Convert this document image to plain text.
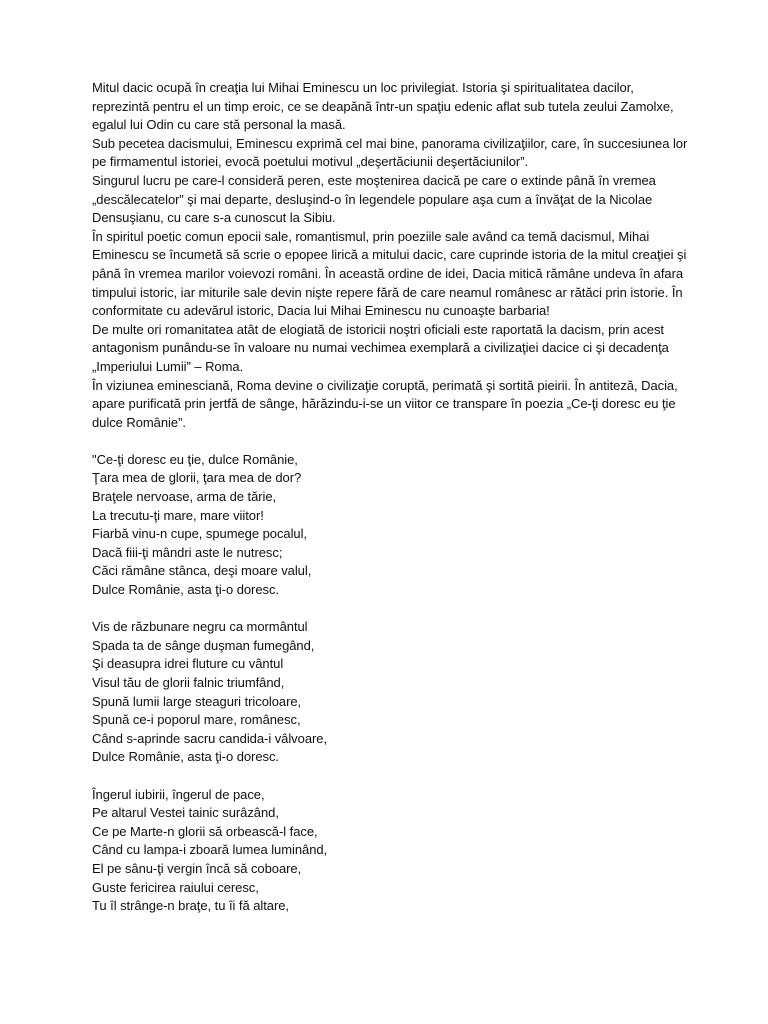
Mitul dacic ocupă în creaţia lui Mihai Eminescu un loc privilegiat. Istoria şi spiritualitatea dacilor, reprezintă pentru el un timp eroic, ce se deapănă într-un spaţiu edenic aflat sub tutela zeului Zamolxe, egalul lui Odin cu care stă personal la masă.

Sub pecetea dacismului, Eminescu exprimă cel mai bine, panorama civilizaţiilor, care, în succesiunea lor pe firmamentul istoriei, evocă poetului motivul „deşertăciunii deşertăciunilor”.

Singurul lucru pe care-l consideră peren, este moştenirea dacică pe care o extinde până în vremea „descălecatelor” şi mai departe, desluşind-o în legendele populare aşa cum a învăţat de la Nicolae Densuşianu, cu care s-a cunoscut la Sibiu.

În spiritul poetic comun epocii sale, romantismul, prin poeziile sale având ca temă dacismul, Mihai Eminescu se încumetă să scrie o epopee lirică a mitului dacic, care cuprinde istoria de la mitul creaţiei şi până în vremea marilor voievozi români. În această ordine de idei, Dacia mitică rămâne undeva în afara timpului istoric, iar miturile sale devin nişte repere fără de care neamul românesc ar rătăci prin istorie. În conformitate cu adevărul istoric, Dacia lui Mihai Eminescu nu cunoaşte barbaria!

De multe ori romanitatea atât de elogiată de istoricii noştri oficiali este raportată la dacism, prin acest antagonism punându-se în valoare nu numai vechimea exemplară a civilizaţiei dacice ci şi decadenţa „Imperiului Lumii” – Roma.

În viziunea eminesciană, Roma devine o civilizaţie coruptă, perimată şi sortită pieirii. În antiteză, Dacia, apare purificată prin jertfă de sânge, hărăzindu-i-se un viitor ce transpare în poezia „Ce-ţi doresc eu ţie dulce Românie”.

"Ce-ţi doresc eu ţie, dulce Românie,
Ţara mea de glorii, ţara mea de dor?
Braţele nervoase, arma de tărie,
La trecutu-ţi mare, mare viitor!
Fiarbă vinu-n cupe, spumege pocalul,
Dacă fiii-ţi mândri aste le nutresc;
Căci rămâne stânca, deşi moare valul,
Dulce Românie, asta ţi-o doresc.
Vis de răzbunare negru ca mormântul
Spada ta de sânge duşman fumegând,
Şi deasupra idrei fluture cu vântul
Visul tău de glorii falnic triumfând,
Spună lumii large steaguri tricoloare,
Spună ce-i poporul mare, românesc,
Când s-aprinde sacru candida-i vâlvoare,
Dulce Românie, asta ţi-o doresc.
Îngerul iubirii, îngerul de pace,
Pe altarul Vestei tainic surâzând,
Ce pe Marte-n glorii să orbească-l face,
Când cu lampa-i zboară lumea luminând,
El pe sânu-ţi vergin încă să coboare,
Guste fericirea raiului ceresc,
Tu îl strânge-n braţe, tu îi fă altare,
